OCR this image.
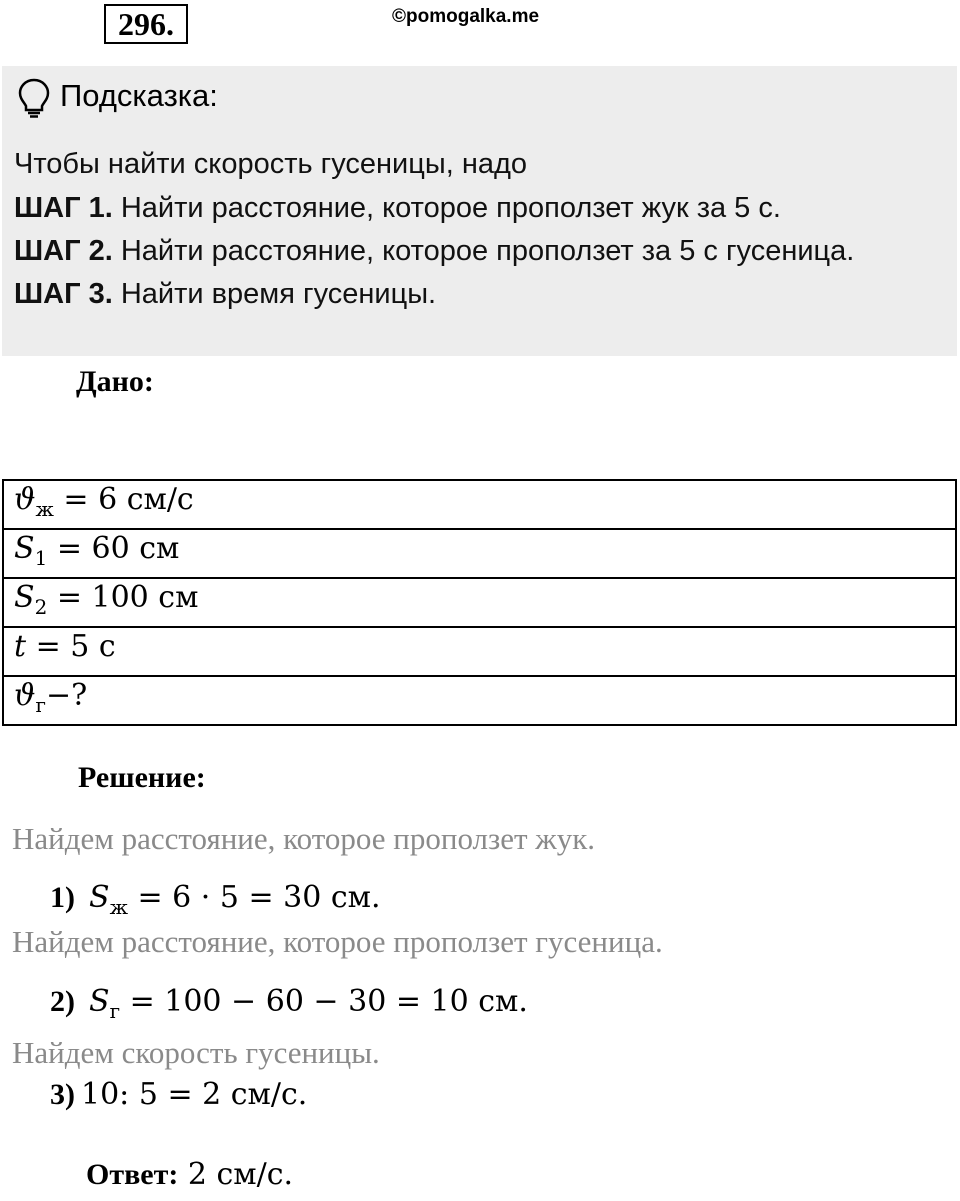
296.	©pomogalka.me
Подсказка:
Чтобы найти скорость гусеницы, надо
ШАГ 1. Найти расстояние, которое проползет жук за 5 с.
ШАГ 2. Найти расстояние, которое проползет за 5 с гусеница.
ШАГ 3. Найти время гусеницы.
Дано:
$ϑ_ж = 6$ см/с
$S_1 = 60$ см
$S_2 = 100$ см
t = 5 с
$ϑ_г-$?
Решение:
Найдем расстояние, которое проползет жук.
1) $S_ж = 6 \cdot 5 = 30$ см.
Найдем расстояние, которое проползет гусеница.
2) $S_г = 100 - 60 - 30 = 10$ см.
Найдем скорость гусеницы.
3) 10: 5 = 2 см/с.
Ответ: 2 см/с.
